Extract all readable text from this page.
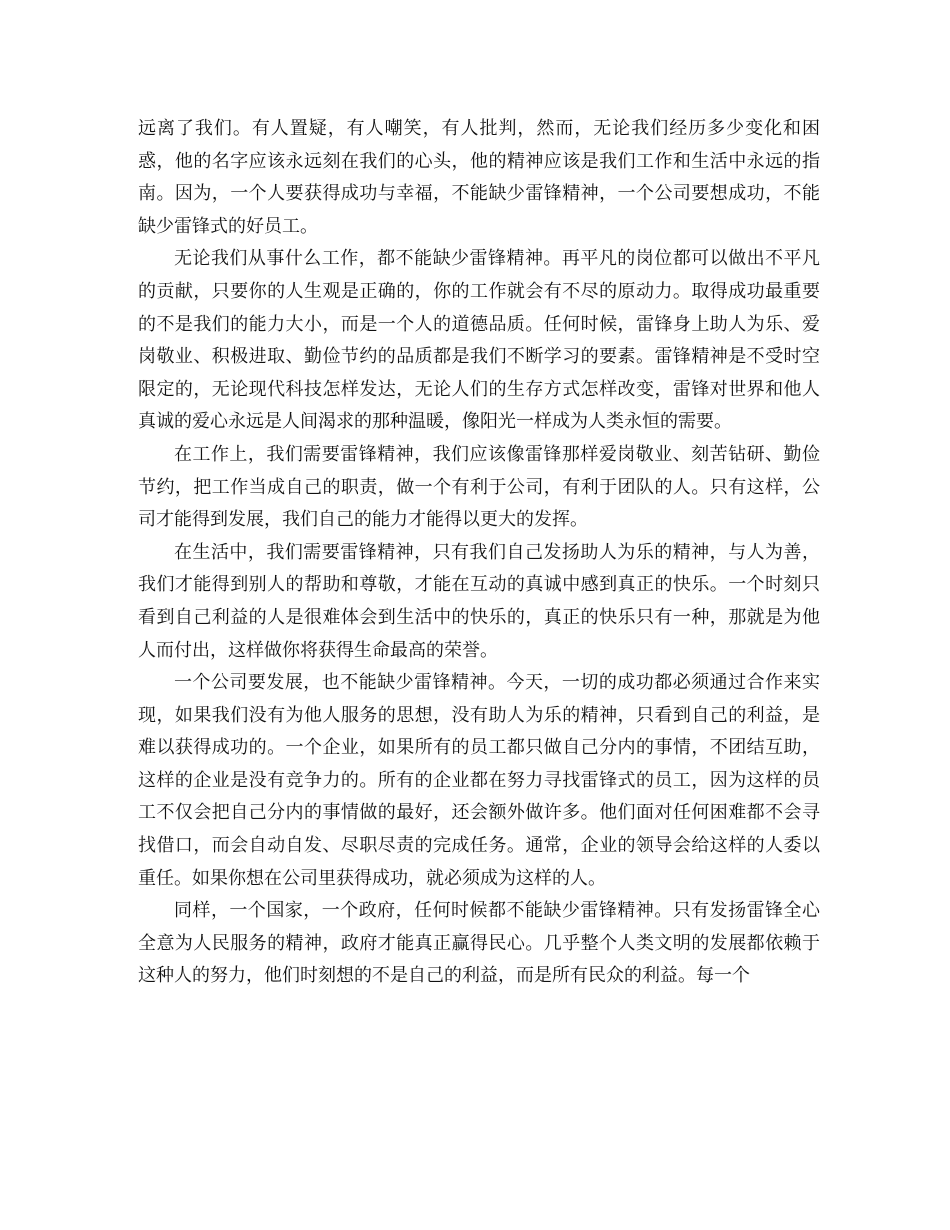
远离了我们。有人置疑，有人嘲笑，有人批判，然而，无论我们经历多少变化和困惑，他的名字应该永远刻在我们的心头，他的精神应该是我们工作和生活中永远的指南。因为，一个人要获得成功与幸福，不能缺少雷锋精神，一个公司要想成功，不能缺少雷锋式的好员工。

无论我们从事什么工作，都不能缺少雷锋精神。再平凡的岗位都可以做出不平凡的贡献，只要你的人生观是正确的，你的工作就会有不尽的原动力。取得成功最重要的不是我们的能力大小，而是一个人的道德品质。任何时候，雷锋身上助人为乐、爱岗敬业、积极进取、勤俭节约的品质都是我们不断学习的要素。雷锋精神是不受时空限定的，无论现代科技怎样发达，无论人们的生存方式怎样改变，雷锋对世界和他人真诚的爱心永远是人间渴求的那种温暖，像阳光一样成为人类永恒的需要。

在工作上，我们需要雷锋精神，我们应该像雷锋那样爱岗敬业、刻苦钻研、勤俭节约，把工作当成自己的职责，做一个有利于公司，有利于团队的人。只有这样，公司才能得到发展，我们自己的能力才能得以更大的发挥。

在生活中，我们需要雷锋精神，只有我们自己发扬助人为乐的精神，与人为善，我们才能得到别人的帮助和尊敬，才能在互动的真诚中感到真正的快乐。一个时刻只看到自己利益的人是很难体会到生活中的快乐的，真正的快乐只有一种，那就是为他人而付出，这样做你将获得生命最高的荣誉。

一个公司要发展，也不能缺少雷锋精神。今天，一切的成功都必须通过合作来实现，如果我们没有为他人服务的思想，没有助人为乐的精神，只看到自己的利益，是难以获得成功的。一个企业，如果所有的员工都只做自己分内的事情，不团结互助，这样的企业是没有竞争力的。所有的企业都在努力寻找雷锋式的员工，因为这样的员工不仅会把自己分内的事情做的最好，还会额外做许多。他们面对任何困难都不会寻找借口，而会自动自发、尽职尽责的完成任务。通常，企业的领导会给这样的人委以重任。如果你想在公司里获得成功，就必须成为这样的人。

同样，一个国家，一个政府，任何时候都不能缺少雷锋精神。只有发扬雷锋全心全意为人民服务的精神，政府才能真正赢得民心。几乎整个人类文明的发展都依赖于这种人的努力，他们时刻想的不是自己的利益，而是所有民众的利益。每一个
